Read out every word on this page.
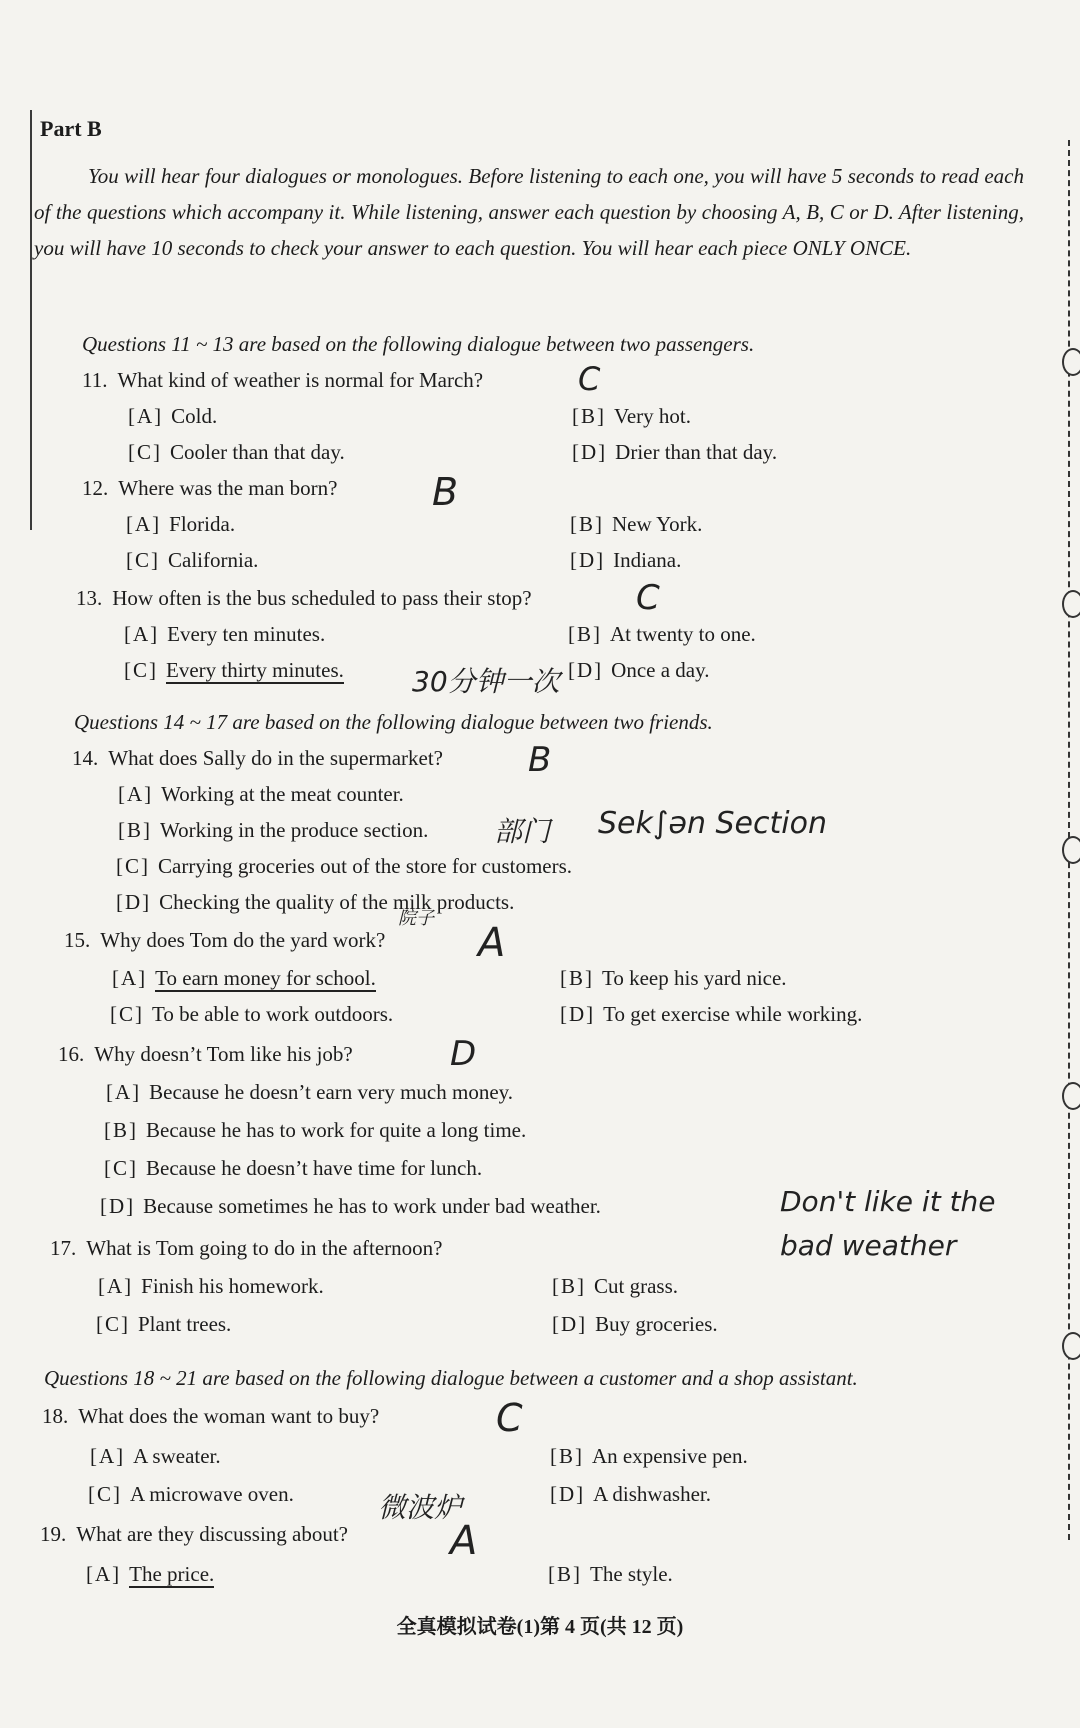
Part B
You will hear four dialogues or monologues. Before listening to each one, you will have 5 seconds to read each of the questions which accompany it. While listening, answer each question by choosing A, B, C or D. After listening, you will have 10 seconds to check your answer to each question. You will hear each piece ONLY ONCE.
Questions 11 ~ 13 are based on the following dialogue between two passengers.
11. What kind of weather is normal for March?
[A] Cold.	[B] Very hot.
[C] Cooler than that day.	[D] Drier than that day.
12. Where was the man born?
[A] Florida.	[B] New York.
[C] California.	[D] Indiana.
13. How often is the bus scheduled to pass their stop?
[A] Every ten minutes.	[B] At twenty to one.
[C] Every thirty minutes.	[D] Once a day.
Questions 14 ~ 17 are based on the following dialogue between two friends.
14. What does Sally do in the supermarket?
[A] Working at the meat counter.
[B] Working in the produce section.
[C] Carrying groceries out of the store for customers.
[D] Checking the quality of the milk products.
15. Why does Tom do the yard work?
[A] To earn money for school.	[B] To keep his yard nice.
[C] To be able to work outdoors.	[D] To get exercise while working.
16. Why doesn’t Tom like his job?
[A] Because he doesn’t earn very much money.
[B] Because he has to work for quite a long time.
[C] Because he doesn’t have time for lunch.
[D] Because sometimes he has to work under bad weather.
17. What is Tom going to do in the afternoon?
[A] Finish his homework.	[B] Cut grass.
[C] Plant trees.	[D] Buy groceries.
Questions 18 ~ 21 are based on the following dialogue between a customer and a shop assistant.
18. What does the woman want to buy?
[A] A sweater.	[B] An expensive pen.
[C] A microwave oven.	[D] A dishwasher.
19. What are they discussing about?
[A] The price.	[B] The style.
C
B
C
30分钟一次
B
部门 Sek∫ən Section
院子
A
D
Don't like it the bad weather
C
微波炉
A
全真模拟试卷(1)第 4 页(共 12 页)
